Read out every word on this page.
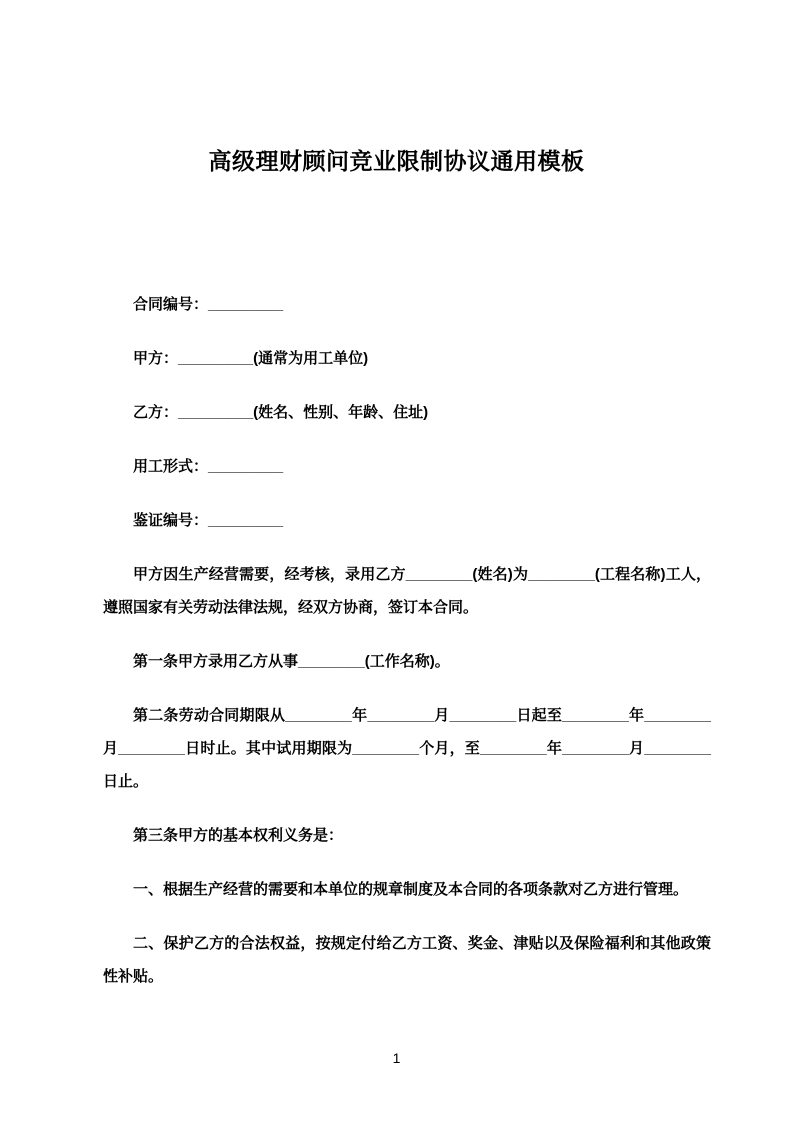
高级理财顾问竞业限制协议通用模板

合同编号：_________

甲方：_________(通常为用工单位)

乙方：_________(姓名、性别、年龄、住址)

用工形式：_________

鉴证编号：_________

甲方因生产经营需要，经考核，录用乙方________(姓名)为________(工程名称)工人，遵照国家有关劳动法律法规，经双方协商，签订本合同。

第一条甲方录用乙方从事________(工作名称)。

第二条劳动合同期限从________年________月________日起至________年________月________日时止。其中试用期限为________个月，至________年________月________日止。

第三条甲方的基本权利义务是：

一、根据生产经营的需要和本单位的规章制度及本合同的各项条款对乙方进行管理。

二、保护乙方的合法权益，按规定付给乙方工资、奖金、津贴以及保险福利和其他政策性补贴。

1
